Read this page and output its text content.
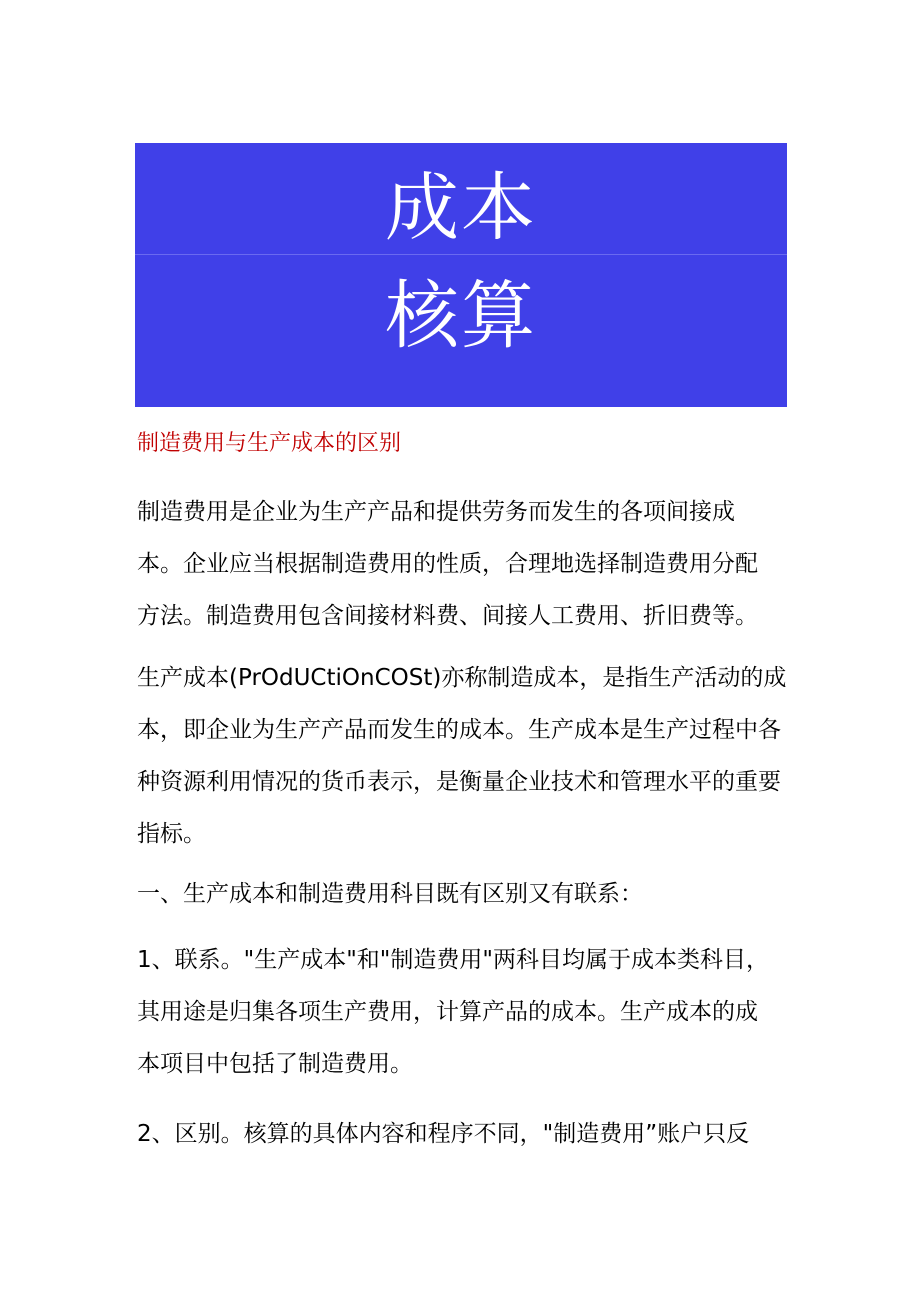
成本
核算
制造费用与生产成本的区别
制造费用是企业为生产产品和提供劳务而发生的各项间接成
本。企业应当根据制造费用的性质，合理地选择制造费用分配
方法。制造费用包含间接材料费、间接人工费用、折旧费等。
生产成本(PrOdUCtiOnCOSt)亦称制造成本，是指生产活动的成
本，即企业为生产产品而发生的成本。生产成本是生产过程中各
种资源利用情况的货币表示，是衡量企业技术和管理水平的重要
指标。
一、生产成本和制造费用科目既有区别又有联系：
1、联系。"生产成本"和"制造费用"两科目均属于成本类科目，
其用途是归集各项生产费用，计算产品的成本。生产成本的成
本项目中包括了制造费用。
2、区别。核算的具体内容和程序不同，"制造费用”账户只反
